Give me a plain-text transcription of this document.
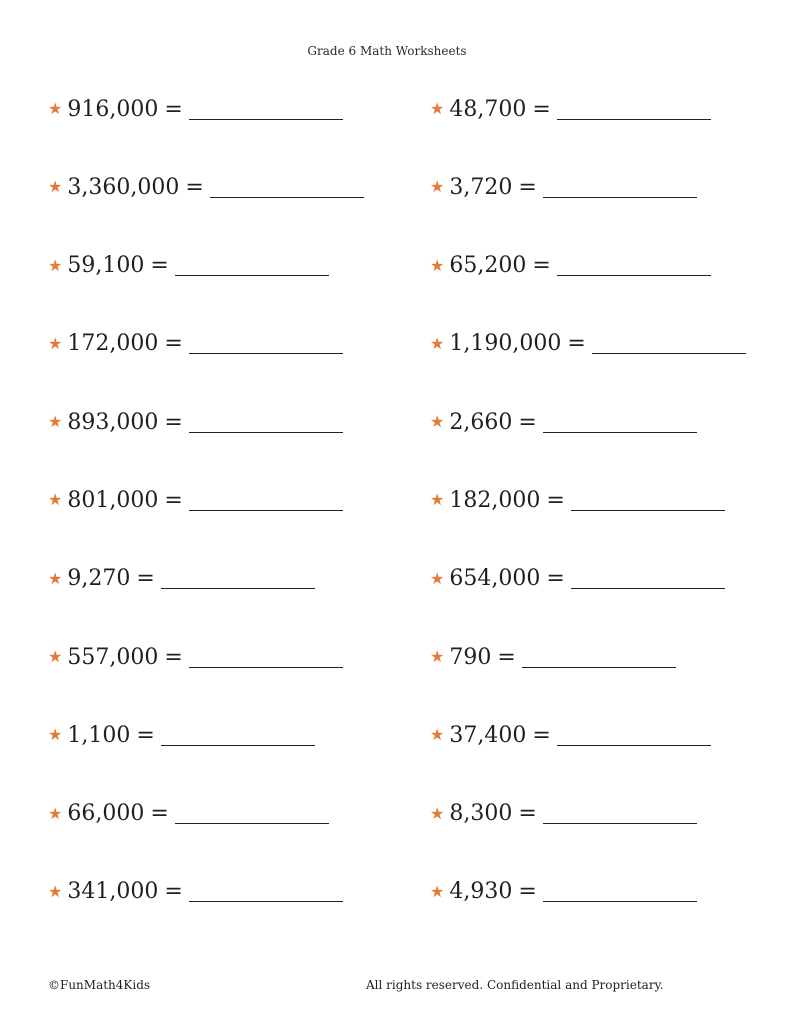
Grade 6 Math Worksheets
★ 916,000 =
★ 3,360,000 =
★ 59,100 =
★ 172,000 =
★ 893,000 =
★ 801,000 =
★ 9,270 =
★ 557,000 =
★ 1,100 =
★ 66,000 =
★ 341,000 =
★ 48,700 =
★ 3,720 =
★ 65,200 =
★ 1,190,000 =
★ 2,660 =
★ 182,000 =
★ 654,000 =
★ 790 =
★ 37,400 =
★ 8,300 =
★ 4,930 =
©FunMath4Kids	All rights reserved. Confidential and Proprietary.
